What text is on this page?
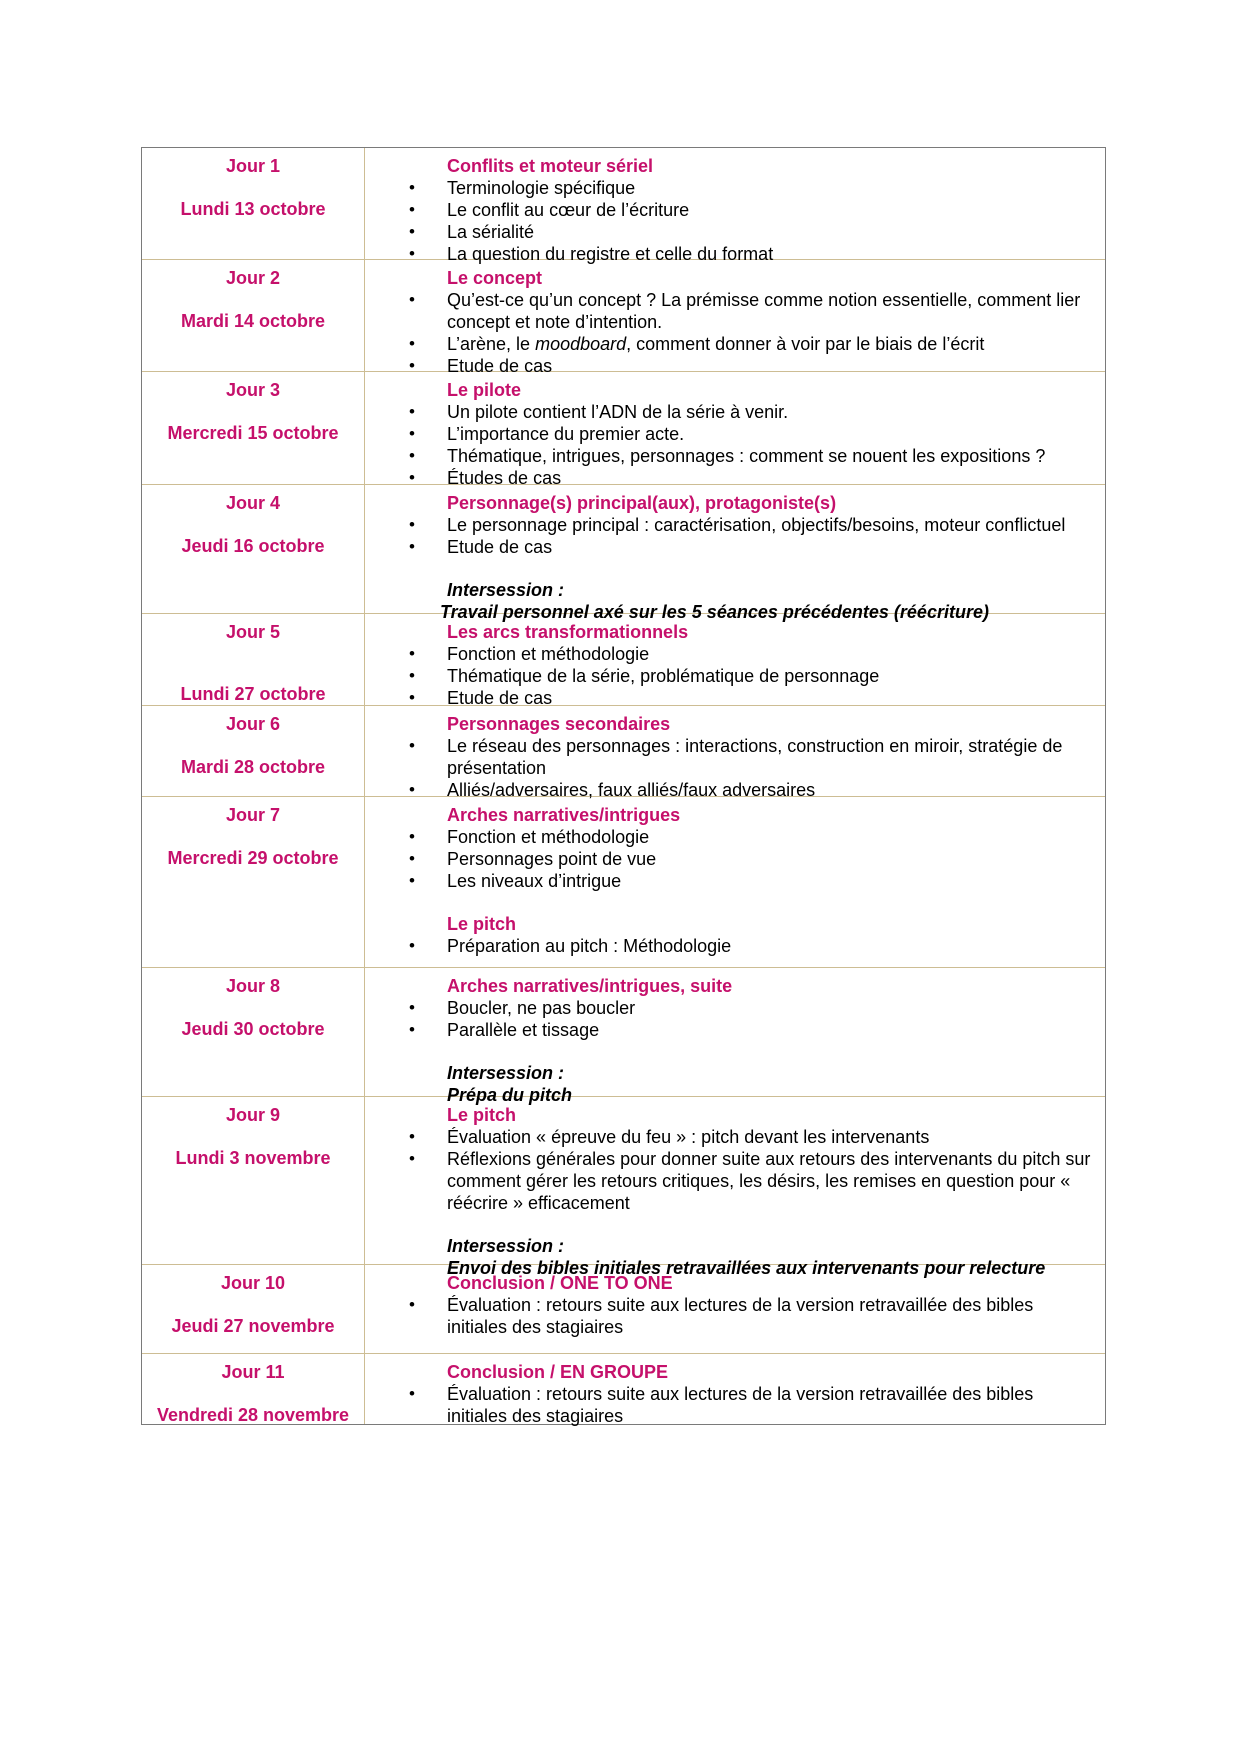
Jour 1
Lundi 13 octobre
Conflits et moteur sériel
• Terminologie spécifique
• Le conflit au cœur de l’écriture
• La sérialité
• La question du registre et celle du format
Jour 2
Mardi 14 octobre
Le concept
• Qu’est-ce qu’un concept ? La prémisse comme notion essentielle, comment lier concept et note d’intention.
• L’arène, le moodboard, comment donner à voir par le biais de l’écrit
• Etude de cas
Jour 3
Mercredi 15 octobre
Le pilote
• Un pilote contient l’ADN de la série à venir.
• L’importance du premier acte.
• Thématique, intrigues, personnages : comment se nouent les expositions ?
• Études de cas
Jour 4
Jeudi 16 octobre
Personnage(s) principal(aux), protagoniste(s)
• Le personnage principal : caractérisation, objectifs/besoins, moteur conflictuel
• Etude de cas
Intersession :
Travail personnel axé sur les 5 séances précédentes (réécriture)
Jour 5
Lundi 27 octobre
Les arcs transformationnels
• Fonction et méthodologie
• Thématique de la série, problématique de personnage
• Etude de cas
Jour 6
Mardi 28 octobre
Personnages secondaires
• Le réseau des personnages : interactions, construction en miroir, stratégie de présentation
• Alliés/adversaires, faux alliés/faux adversaires
Jour 7
Mercredi 29 octobre
Arches narratives/intrigues
• Fonction et méthodologie
• Personnages point de vue
• Les niveaux d’intrigue
Le pitch
• Préparation au pitch : Méthodologie
Jour 8
Jeudi 30 octobre
Arches narratives/intrigues, suite
• Boucler, ne pas boucler
• Parallèle et tissage
Intersession :
Prépa du pitch
Jour 9
Lundi 3 novembre
Le pitch
• Évaluation « épreuve du feu » : pitch devant les intervenants
• Réflexions générales pour donner suite aux retours des intervenants du pitch sur comment gérer les retours critiques, les désirs, les remises en question pour « réécrire » efficacement
Intersession :
Envoi des bibles initiales retravaillées aux intervenants pour relecture
Jour 10
Jeudi 27 novembre
Conclusion / ONE TO ONE
• Évaluation : retours suite aux lectures de la version retravaillée des bibles initiales des stagiaires
Jour 11
Vendredi 28 novembre
Conclusion / EN GROUPE
• Évaluation : retours suite aux lectures de la version retravaillée des bibles initiales des stagiaires
